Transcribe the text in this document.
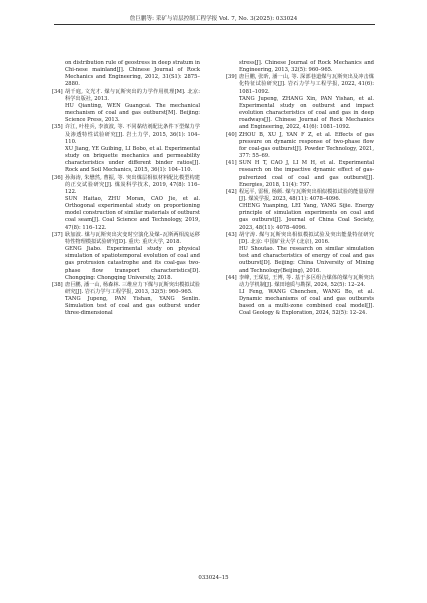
詹巨鹏等: 采矿与岩层控制工程学报 Vol. 7, No. 3(2025): 033024

on distribution rule of geostress in deep stratum in Chi-nese mainland[J]. Chinese Journal of Rock Mechanics and Engineering, 2012, 31(S1): 2875–2880.

[34] 胡千庭, 文光才. 煤与瓦斯突出的力学作用机理[M]. 北京: 科学出版社, 2013.

HU Qianting, WEN Guangcai. The mechanical mechanism of coal and gas outburst[M]. Beijing: Science Press, 2013.

[35] 许江, 叶桂兵, 李波波, 等. 不同黏结剂配比条件下型煤力学及渗透特性试验研究[J]. 岩土力学, 2015, 36(1): 104–110.

XU Jiang, YE Guibing, LI Bobo, et al. Experimental study on briquette mechanics and permeability characteristics under different binder ratios[J]. Rock and Soil Mechanics, 2015, 36(1): 104–110.

[36] 孙海涛, 朱懋然, 曹振, 等. 突出煤层相似材料配比模型构建的正交试验研究[J]. 煤炭科学技术, 2019, 47(8): 116–122.

SUN Haitao, ZHU Moran, CAO Jie, et al. Orthogonal experimental study on proportioning model construction of similar materials of outburst coal seam[J]. Coal Science and Technology, 2019, 47(8): 116–122.

[37] 耿加波. 煤与瓦斯突出灾变时空演化及煤–瓦斯两相流运移特性物理模拟试验研究[D]. 重庆: 重庆大学, 2018.

GENG Jiabo. Experimental study on physical simulation of spatiotemporal evolution of coal and gas protrusion catastrophe and its coal-gas two-phase flow transport characteristics[D]. Chongqing: Chongqing University, 2018.

[38] 唐巨鹏, 潘一山, 杨森林. 三维应力下煤与瓦斯突出模拟试验研究[J]. 岩石力学与工程学报, 2013, 32(5): 960–965.

TANG Jupeng, PAN Yishan, YANG Senlin. Simulation test of coal and gas outburst under three-dimensional

stress[J]. Chinese Journal of Rock Mechanics and Engineering, 2013, 32(5): 960–965.

[39] 唐巨鹏, 张昕, 潘一山, 等. 深部巷道煤与瓦斯突出及冲击煤化特征试验研究[J]. 岩石力学与工程学报, 2022, 41(6): 1081–1092.

TANG Jupeng, ZHANG Xin, PAN Yishan, et al. Experimental study on outburst and impact evolution characteristics of coal and gas in deep roadways[J]. Chinese Journal of Rock Mechanics and Engineering, 2022, 41(6): 1081–1092.

[40] ZHOU B, XU J, YAN F Z, et al. Effects of gas pressure on dynamic response of two-phase flow for coal-gas outburst[J]. Powder Technology, 2021, 377: 55–69.

[41] SUN H T, CAO J, LI M H, et al. Experimental research on the impactive dynamic effect of gas-pulverized coal of coal and gas outburst[J]. Energies, 2018, 11(4): 797.

[42] 程远平, 雷杨, 杨颜. 煤与瓦斯突出相似模拟试验的能量原理[J]. 煤炭学报, 2023, 48(11): 4078–4096.

CHENG Yuanping, LEI Yang, YANG Sijie. Energy principle of simulation experiments on coal and gas outburst[J]. Journal of China Coal Society, 2023, 48(11): 4078–4096.

[43] 胡守涛. 煤与瓦斯突出相似模拟试验及突出能量特征研究[D]. 北京: 中国矿业大学 (北京), 2016.

HU Shoutao. The research on similar simulation test and characteristics of energy of coal and gas outburst[D]. Beijing: China University of Mining and Technology(Beijing), 2016.

[44] 李峰, 王琛辰, 王博, 等. 基于多区组合煤体的煤与瓦斯突出动力学机制[J]. 煤田地质与勘探, 2024, 52(5): 12–24.

LI Feng, WANG Chenchen, WANG Bo, et al. Dynamic mechanisms of coal and gas outbursts based on a multi-zone combined coal model[J]. Coal Geology & Exploration, 2024, 52(5): 12–24.

033024–15
